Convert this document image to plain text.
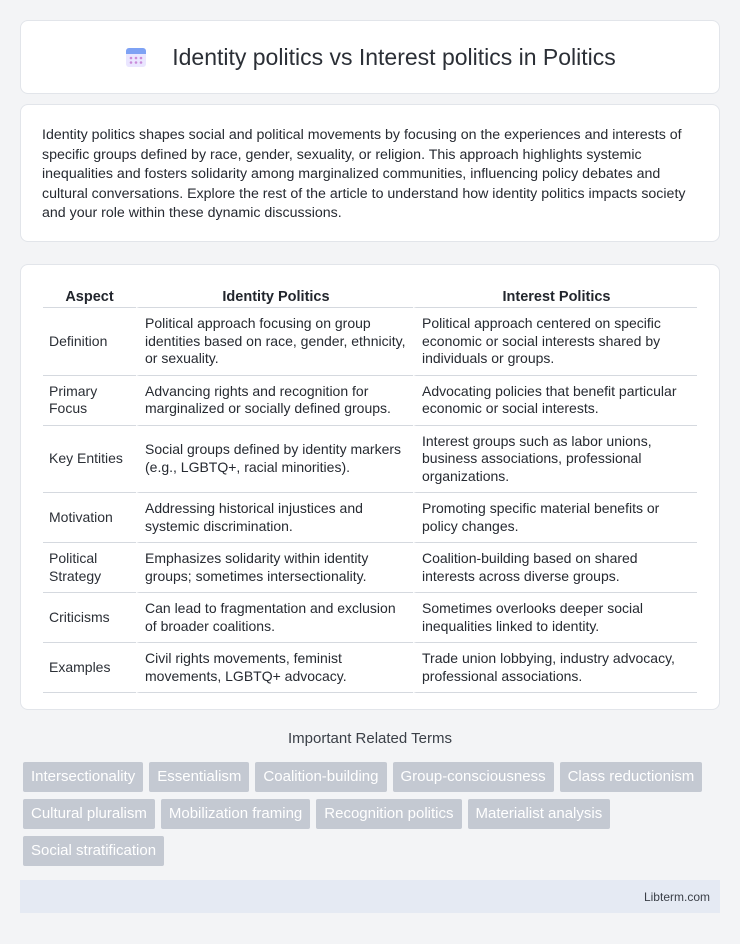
Identity politics vs Interest politics in Politics

Identity politics shapes social and political movements by focusing on the experiences and interests of specific groups defined by race, gender, sexuality, or religion. This approach highlights systemic inequalities and fosters solidarity among marginalized communities, influencing policy debates and cultural conversations. Explore the rest of the article to understand how identity politics impacts society and your role within these dynamic discussions.

Aspect	Identity Politics	Interest Politics
Definition	Political approach focusing on group identities based on race, gender, ethnicity, or sexuality.	Political approach centered on specific economic or social interests shared by individuals or groups.
Primary Focus	Advancing rights and recognition for marginalized or socially defined groups.	Advocating policies that benefit particular economic or social interests.
Key Entities	Social groups defined by identity markers (e.g., LGBTQ+, racial minorities).	Interest groups such as labor unions, business associations, professional organizations.
Motivation	Addressing historical injustices and systemic discrimination.	Promoting specific material benefits or policy changes.
Political Strategy	Emphasizes solidarity within identity groups; sometimes intersectionality.	Coalition-building based on shared interests across diverse groups.
Criticisms	Can lead to fragmentation and exclusion of broader coalitions.	Sometimes overlooks deeper social inequalities linked to identity.
Examples	Civil rights movements, feminist movements, LGBTQ+ advocacy.	Trade union lobbying, industry advocacy, professional associations.
Important Related Terms
Intersectionality	Essentialism	Coalition-building	Group-consciousness	Class reductionism
Cultural pluralism	Mobilization framing	Recognition politics	Materialist analysis
Social stratification
Libterm.com
